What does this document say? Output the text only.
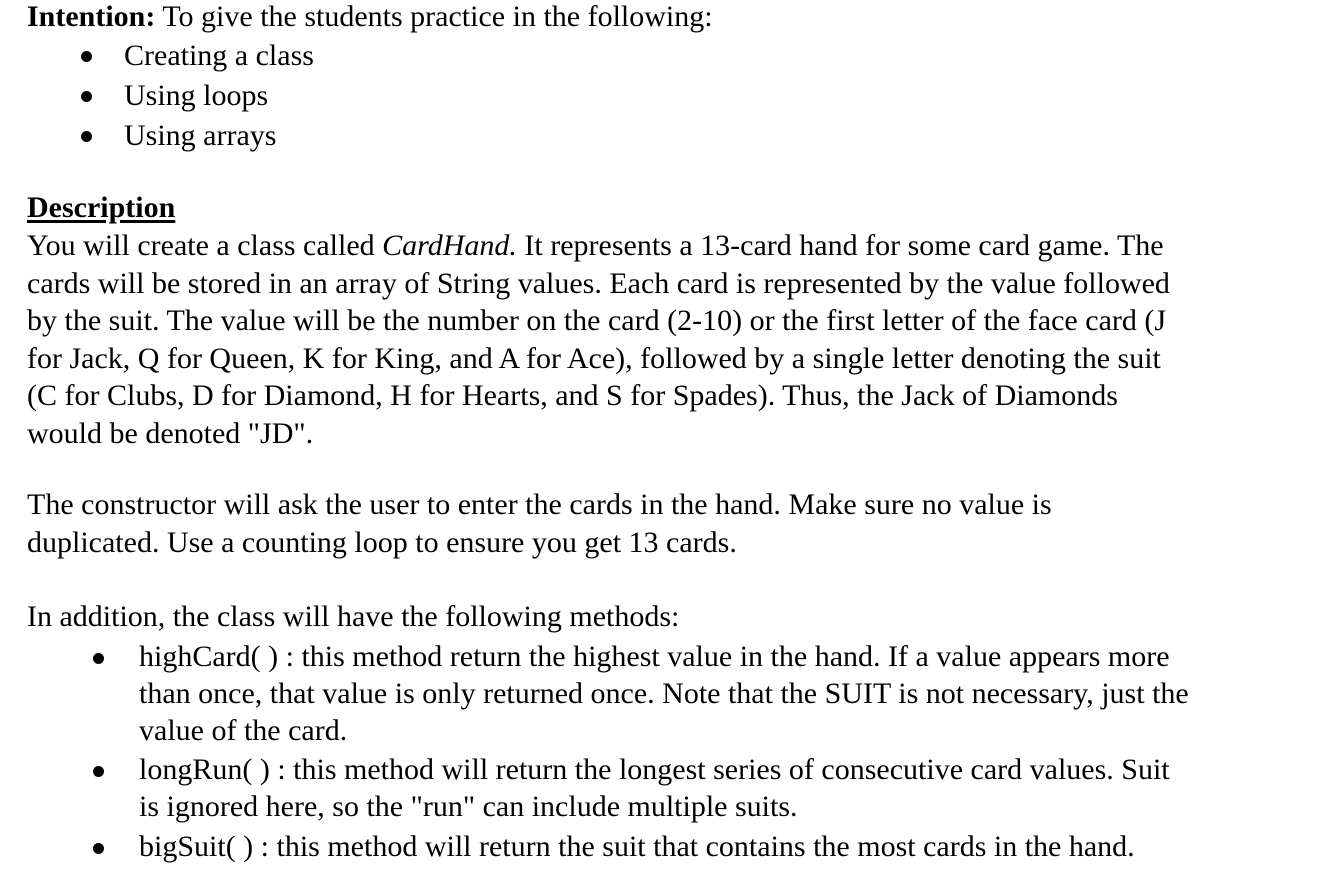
Intention: To give the students practice in the following:
Creating a class
Using loops
Using arrays
Description
You will create a class called CardHand. It represents a 13-card hand for some card game. The
cards will be stored in an array of String values. Each card is represented by the value followed
by the suit. The value will be the number on the card (2-10) or the first letter of the face card (J
for Jack, Q for Queen, K for King, and A for Ace), followed by a single letter denoting the suit
(C for Clubs, D for Diamond, H for Hearts, and S for Spades). Thus, the Jack of Diamonds
would be denoted "JD".
The constructor will ask the user to enter the cards in the hand. Make sure no value is
duplicated. Use a counting loop to ensure you get 13 cards.
In addition, the class will have the following methods:
highCard( ) : this method return the highest value in the hand. If a value appears more
than once, that value is only returned once. Note that the SUIT is not necessary, just the
value of the card.
longRun( ) : this method will return the longest series of consecutive card values. Suit
is ignored here, so the "run" can include multiple suits.
bigSuit( ) : this method will return the suit that contains the most cards in the hand.
